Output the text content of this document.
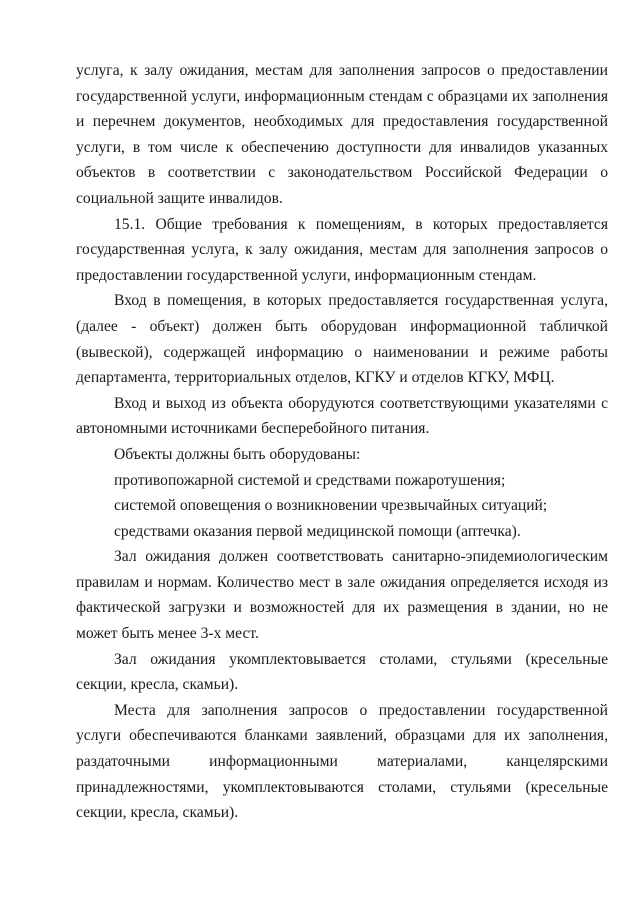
услуга, к залу ожидания, местам для заполнения запросов о предоставлении государственной услуги, информационным стендам с образцами их заполнения и перечнем документов, необходимых для предоставления государственной услуги, в том числе к обеспечению доступности для инвалидов указанных объектов в соответствии с законодательством Российской Федерации о социальной защите инвалидов.

15.1. Общие требования к помещениям, в которых предоставляется государственная услуга, к залу ожидания, местам для заполнения запросов о предоставлении государственной услуги, информационным стендам.

Вход в помещения, в которых предоставляется государственная услуга, (далее - объект) должен быть оборудован информационной табличкой (вывеской), содержащей информацию о наименовании и режиме работы департамента, территориальных отделов, КГКУ и отделов КГКУ, МФЦ.

Вход и выход из объекта оборудуются соответствующими указателями с автономными источниками бесперебойного питания.

Объекты должны быть оборудованы:

противопожарной системой и средствами пожаротушения;

системой оповещения о возникновении чрезвычайных ситуаций;

средствами оказания первой медицинской помощи (аптечка).

Зал ожидания должен соответствовать санитарно-эпидемиологическим правилам и нормам. Количество мест в зале ожидания определяется исходя из фактической загрузки и возможностей для их размещения в здании, но не может быть менее 3-х мест.

Зал ожидания укомплектовывается столами, стульями (кресельные секции, кресла, скамьи).

Места для заполнения запросов о предоставлении государственной услуги обеспечиваются бланками заявлений, образцами для их заполнения, раздаточными информационными материалами, канцелярскими принадлежностями, укомплектовываются столами, стульями (кресельные секции, кресла, скамьи).
